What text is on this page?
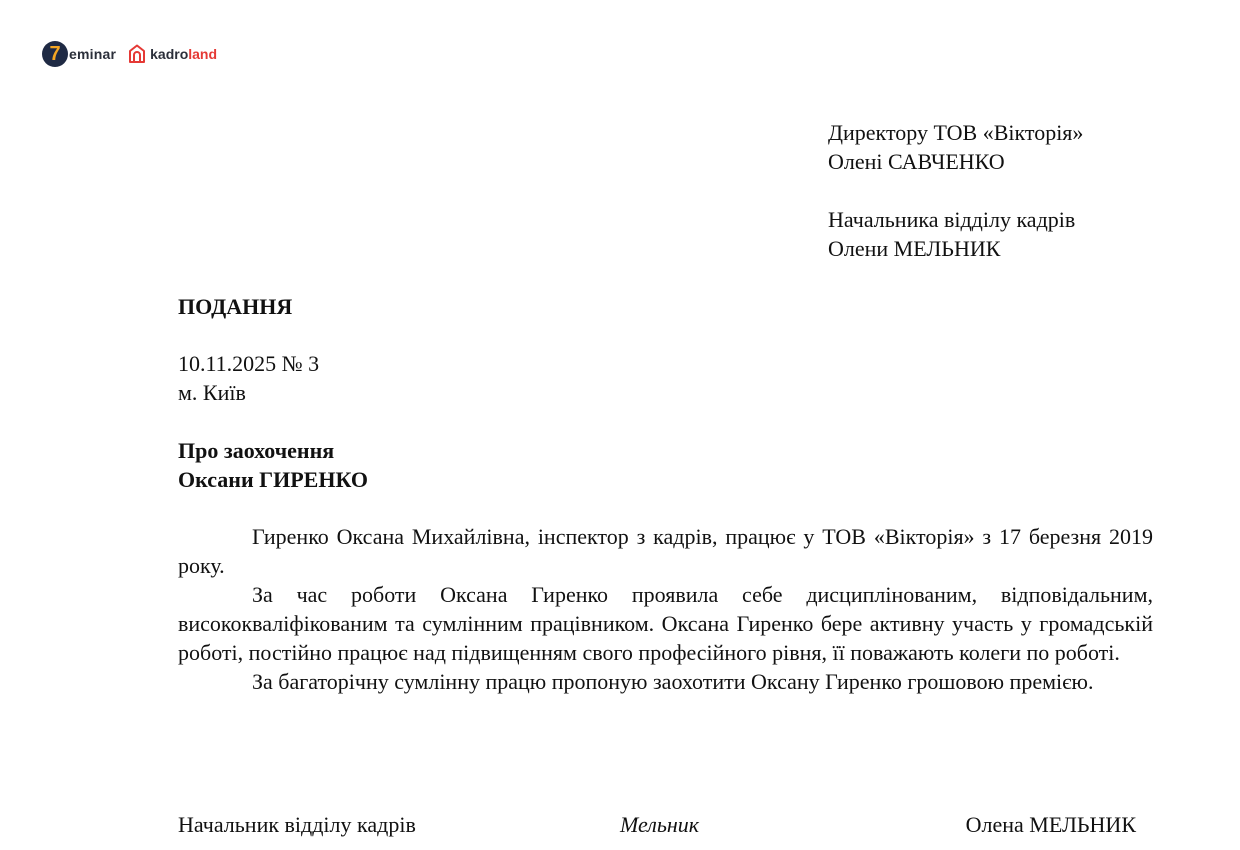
7 eminar kadroland
Директору ТОВ «Вікторія»
Олені САВЧЕНКО
Начальника відділу кадрів
Олени МЕЛЬНИК
ПОДАННЯ
10.11.2025 № 3
м. Київ
Про заохочення
Оксани ГИРЕНКО

Гиренко Оксана Михайлівна, інспектор з кадрів, працює у ТОВ «Вікторія» з 17 березня 2019 року.

За час роботи Оксана Гиренко проявила себе дисциплінованим, відповідальним, висококваліфікованим та сумлінним працівником. Оксана Гиренко бере активну участь у громадській роботі, постійно працює над підвищенням свого професійного рівня, її поважають колеги по роботі.

За багаторічну сумлінну працю пропоную заохотити Оксану Гиренко грошовою премією.

Начальник відділу кадрів	Мельник	Олена МЕЛЬНИК
